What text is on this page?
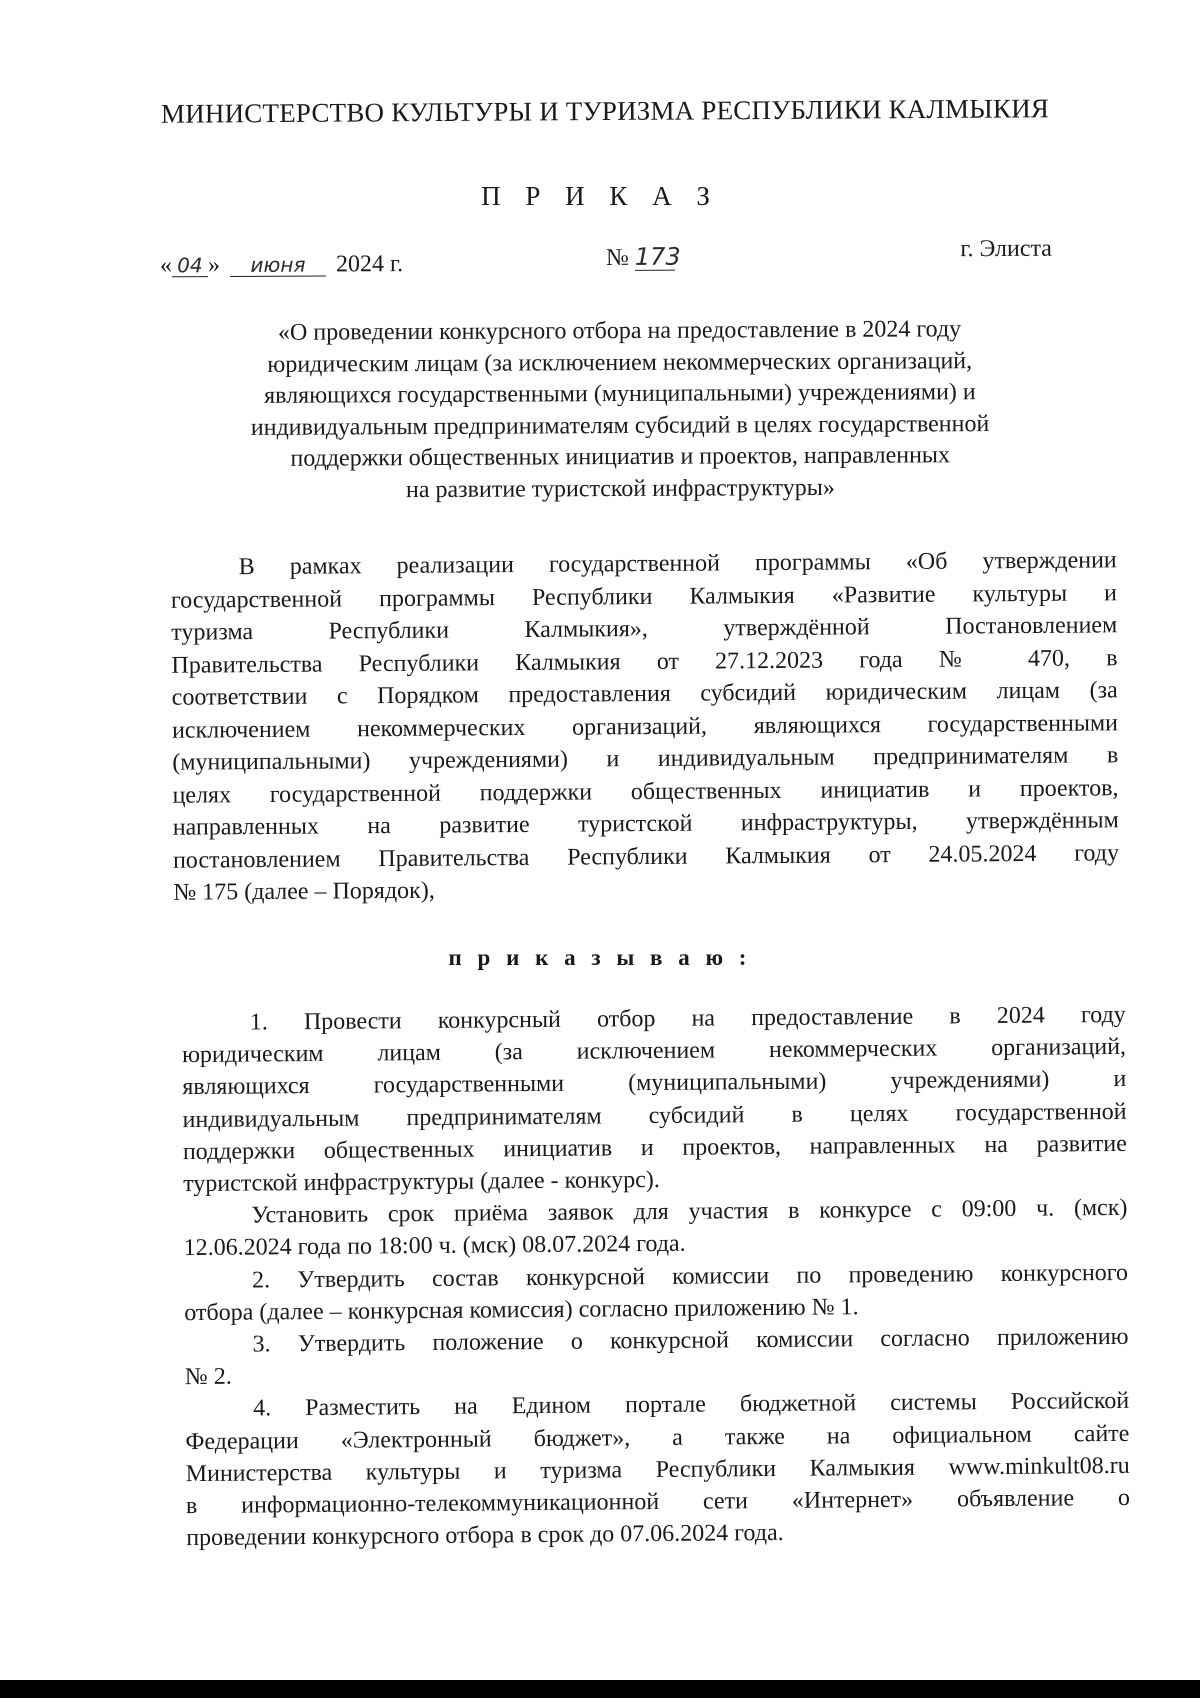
МИНИСТЕРСТВО КУЛЬТУРЫ И ТУРИЗМА РЕСПУБЛИКИ КАЛМЫКИЯ
П Р И К А З
« 04 » июня 2024 г.	№ 173	г. Элиста
«О проведении конкурсного отбора на предоставление в 2024 году
юридическим лицам (за исключением некоммерческих организаций,
являющихся государственными (муниципальными) учреждениями) и
индивидуальным предпринимателям субсидий в целях государственной
поддержки общественных инициатив и проектов, направленных
на развитие туристской инфраструктуры»
В рамках реализации государственной программы «Об утверждении
государственной программы Республики Калмыкия «Развитие культуры и
туризма Республики Калмыкия», утверждённой Постановлением
Правительства Республики Калмыкия от 27.12.2023 года № 470, в
соответствии с Порядком предоставления субсидий юридическим лицам (за
исключением некоммерческих организаций, являющихся государственными
(муниципальными) учреждениями) и индивидуальным предпринимателям в
целях государственной поддержки общественных инициатив и проектов,
направленных на развитие туристской инфраструктуры, утверждённым
постановлением Правительства Республики Калмыкия от 24.05.2024 году
№ 175 (далее – Порядок),
п р и к а з ы в а ю :
1. Провести конкурсный отбор на предоставление в 2024 году
юридическим лицам (за исключением некоммерческих организаций,
являющихся государственными (муниципальными) учреждениями) и
индивидуальным предпринимателям субсидий в целях государственной
поддержки общественных инициатив и проектов, направленных на развитие
туристской инфраструктуры (далее - конкурс).
Установить срок приёма заявок для участия в конкурсе с 09:00 ч. (мск)
12.06.2024 года по 18:00 ч. (мск) 08.07.2024 года.
2. Утвердить состав конкурсной комиссии по проведению конкурсного
отбора (далее – конкурсная комиссия) согласно приложению № 1.
3. Утвердить положение о конкурсной комиссии согласно приложению
№ 2.
4. Разместить на Едином портале бюджетной системы Российской
Федерации «Электронный бюджет», а также на официальном сайте
Министерства культуры и туризма Республики Калмыкия www.minkult08.ru
в информационно-телекоммуникационной сети «Интернет» объявление о
проведении конкурсного отбора в срок до 07.06.2024 года.
